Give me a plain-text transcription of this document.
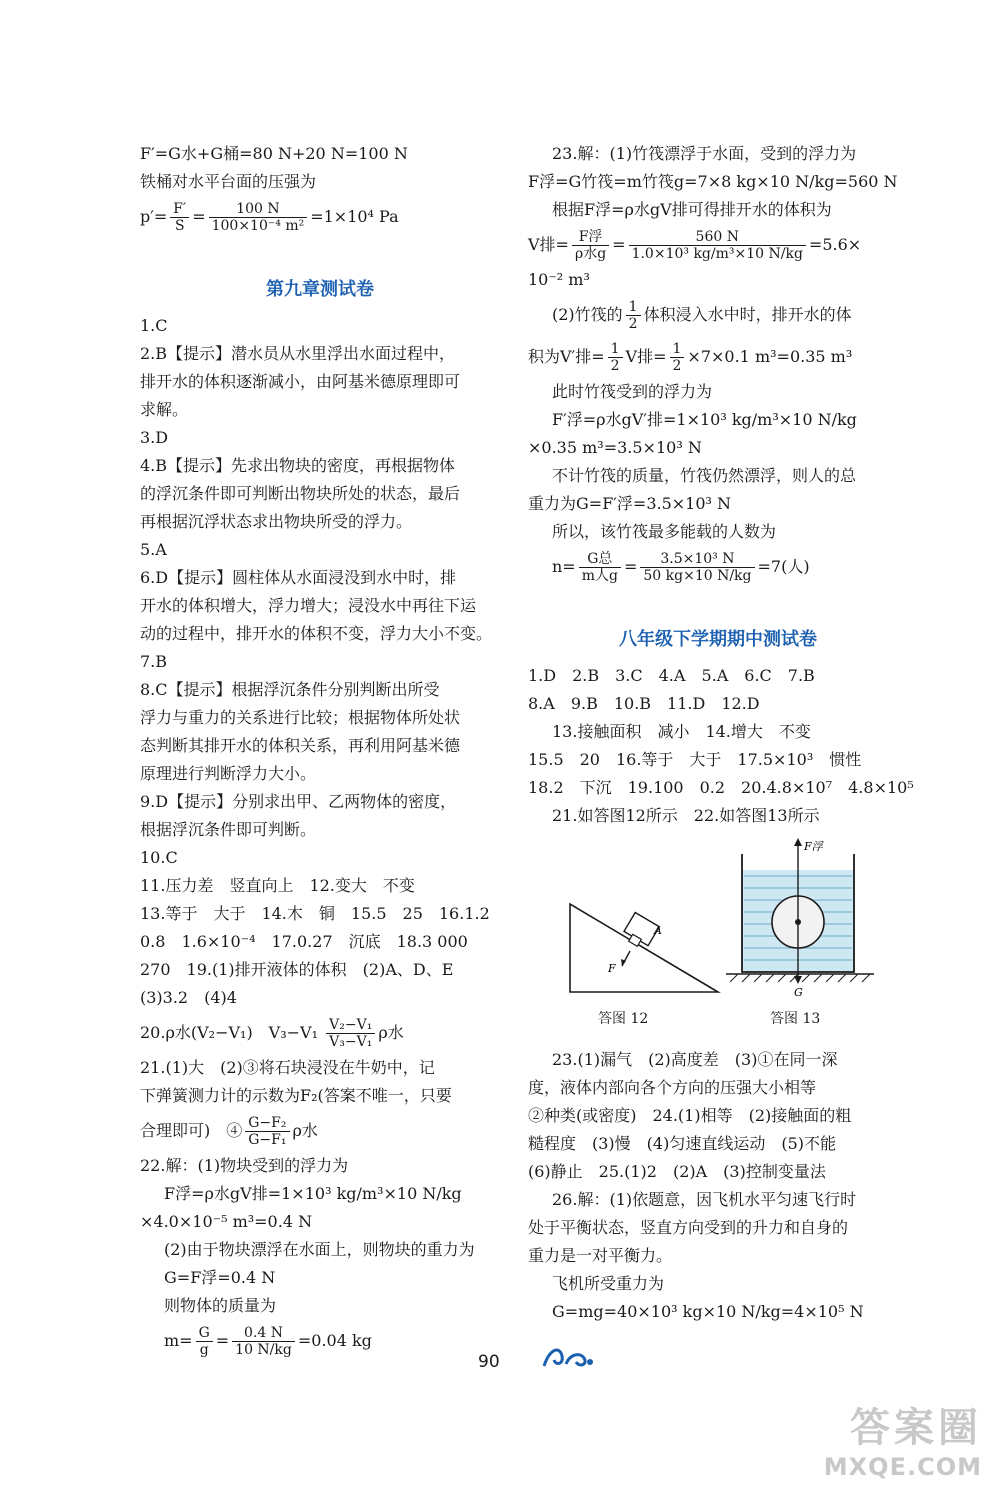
F′=G水+G桶=80 N+20 N=100 N
铁桶对水平台面的压强为
$p'= \frac{F'}{S} = \frac{100 N}{\text{100×10⁻⁴ m²}} =1\times 10^4$ Pa
第九章测试卷
1.C
2.B【提示】潜水员从水里浮出水面过程中，
排开水的体积逐渐减小，由阿基米德原理即可
求解。
3.D
4.B【提示】先求出物块的密度，再根据物体
的浮沉条件即可判断出物块所处的状态，最后
再根据沉浮状态求出物块所受的浮力。
5.A
6.D【提示】圆柱体从水面浸没到水中时，排
开水的体积增大，浮力增大；浸没水中再往下运
动的过程中，排开水的体积不变，浮力大小不变。
7.B
8.C【提示】根据浮沉条件分别判断出所受
浮力与重力的关系进行比较；根据物体所处状
态判断其排开水的体积关系，再利用阿基米德
原理进行判断浮力大小。
9.D【提示】分别求出甲、乙两物体的密度，
根据浮沉条件即可判断。
10.C
11.压力差　竖直向上　12.变大　不变
13.等于　大于　14.木　铜　15.5　25　16.1.2
0.8　1.6×10⁻⁴　17.0.27　沉底　18.3 000
270　19.(1)排开液体的体积　(2)A、D、E
(3)3.2　(4)4
20.ρ水(V₂−V₁)　$V_3-V_1 \frac{\text{V₂−V₁}}{\text{V₃−V₁}}$ ρ水
21.(1)大　(2)③将石块浸没在牛奶中，记
下弹簧测力计的示数为F₂(答案不唯一，只要
合理即可)　④ $\frac{\text{G−F₂}}{\text{G−F₁}}$ ρ水
22.解：(1)物块受到的浮力为
F浮=ρ水gV排=1×10³ kg/m³×10 N/kg
×4.0×10⁻⁵ m³=0.4 N
(2)由于物块漂浮在水面上，则物块的重力为
G=F浮=0.4 N
则物体的质量为
$m= \frac{G}{g} = \frac{0.4 N}{10 N/kg} =0.04$ kg
23.解：(1)竹筏漂浮于水面，受到的浮力为
F浮=G竹筏=m竹筏g=7×8 kg×10 N/kg=560 N
根据F浮=ρ水gV排可得排开水的体积为
V排= $\frac{\text{F浮}}{\text{ρ水g}} = \frac{560 N}{\text{1.0×10³ kg/m³×10 N/kg}} =5.6\times$
10⁻² m³
(2)竹筏的 $\frac{1}{2}$ 体积浸入水中时，排开水的体
积为V′排= $\frac{1}{2}$ V排= $\frac{1}{2} \times 7\times 0.1$ m³=0.35 m³
此时竹筏受到的浮力为
F′浮=ρ水gV′排=1×10³ kg/m³×10 N/kg
×0.35 m³=3.5×10³ N
不计竹筏的质量，竹筏仍然漂浮，则人的总
重力为G=F′浮=3.5×10³ N
所以，该竹筏最多能载的人数为
$n= \frac{\text{G总}}{\text{m人g}} = \frac{\text{3.5×10³ N}}{50 kg\times 10 N/kg} =7$(人)
八年级下学期期中测试卷
1.D　2.B　3.C　4.A　5.A　6.C　7.B
8.A　9.B　10.B　11.D　12.D
13.接触面积　减小　14.增大　不变
15.5　20　16.等于　大于　17.5×10³　惯性
18.2　下沉　19.100　0.2　20.4.8×10⁷　4.8×10⁵
21.如答图12所示　22.如答图13所示
F
A
答图 12
F浮
G
答图 13
23.(1)漏气　(2)高度差　(3)①在同一深
度，液体内部向各个方向的压强大小相等
②种类(或密度)　24.(1)相等　(2)接触面的粗
糙程度　(3)慢　(4)匀速直线运动　(5)不能
(6)静止　25.(1)2　(2)A　(3)控制变量法
26.解：(1)依题意，因飞机水平匀速飞行时
处于平衡状态，竖直方向受到的升力和自身的
重力是一对平衡力。
飞机所受重力为
G=mg=40×10³ kg×10 N/kg=4×10⁵ N
90
答案圈
MXQE.COM
